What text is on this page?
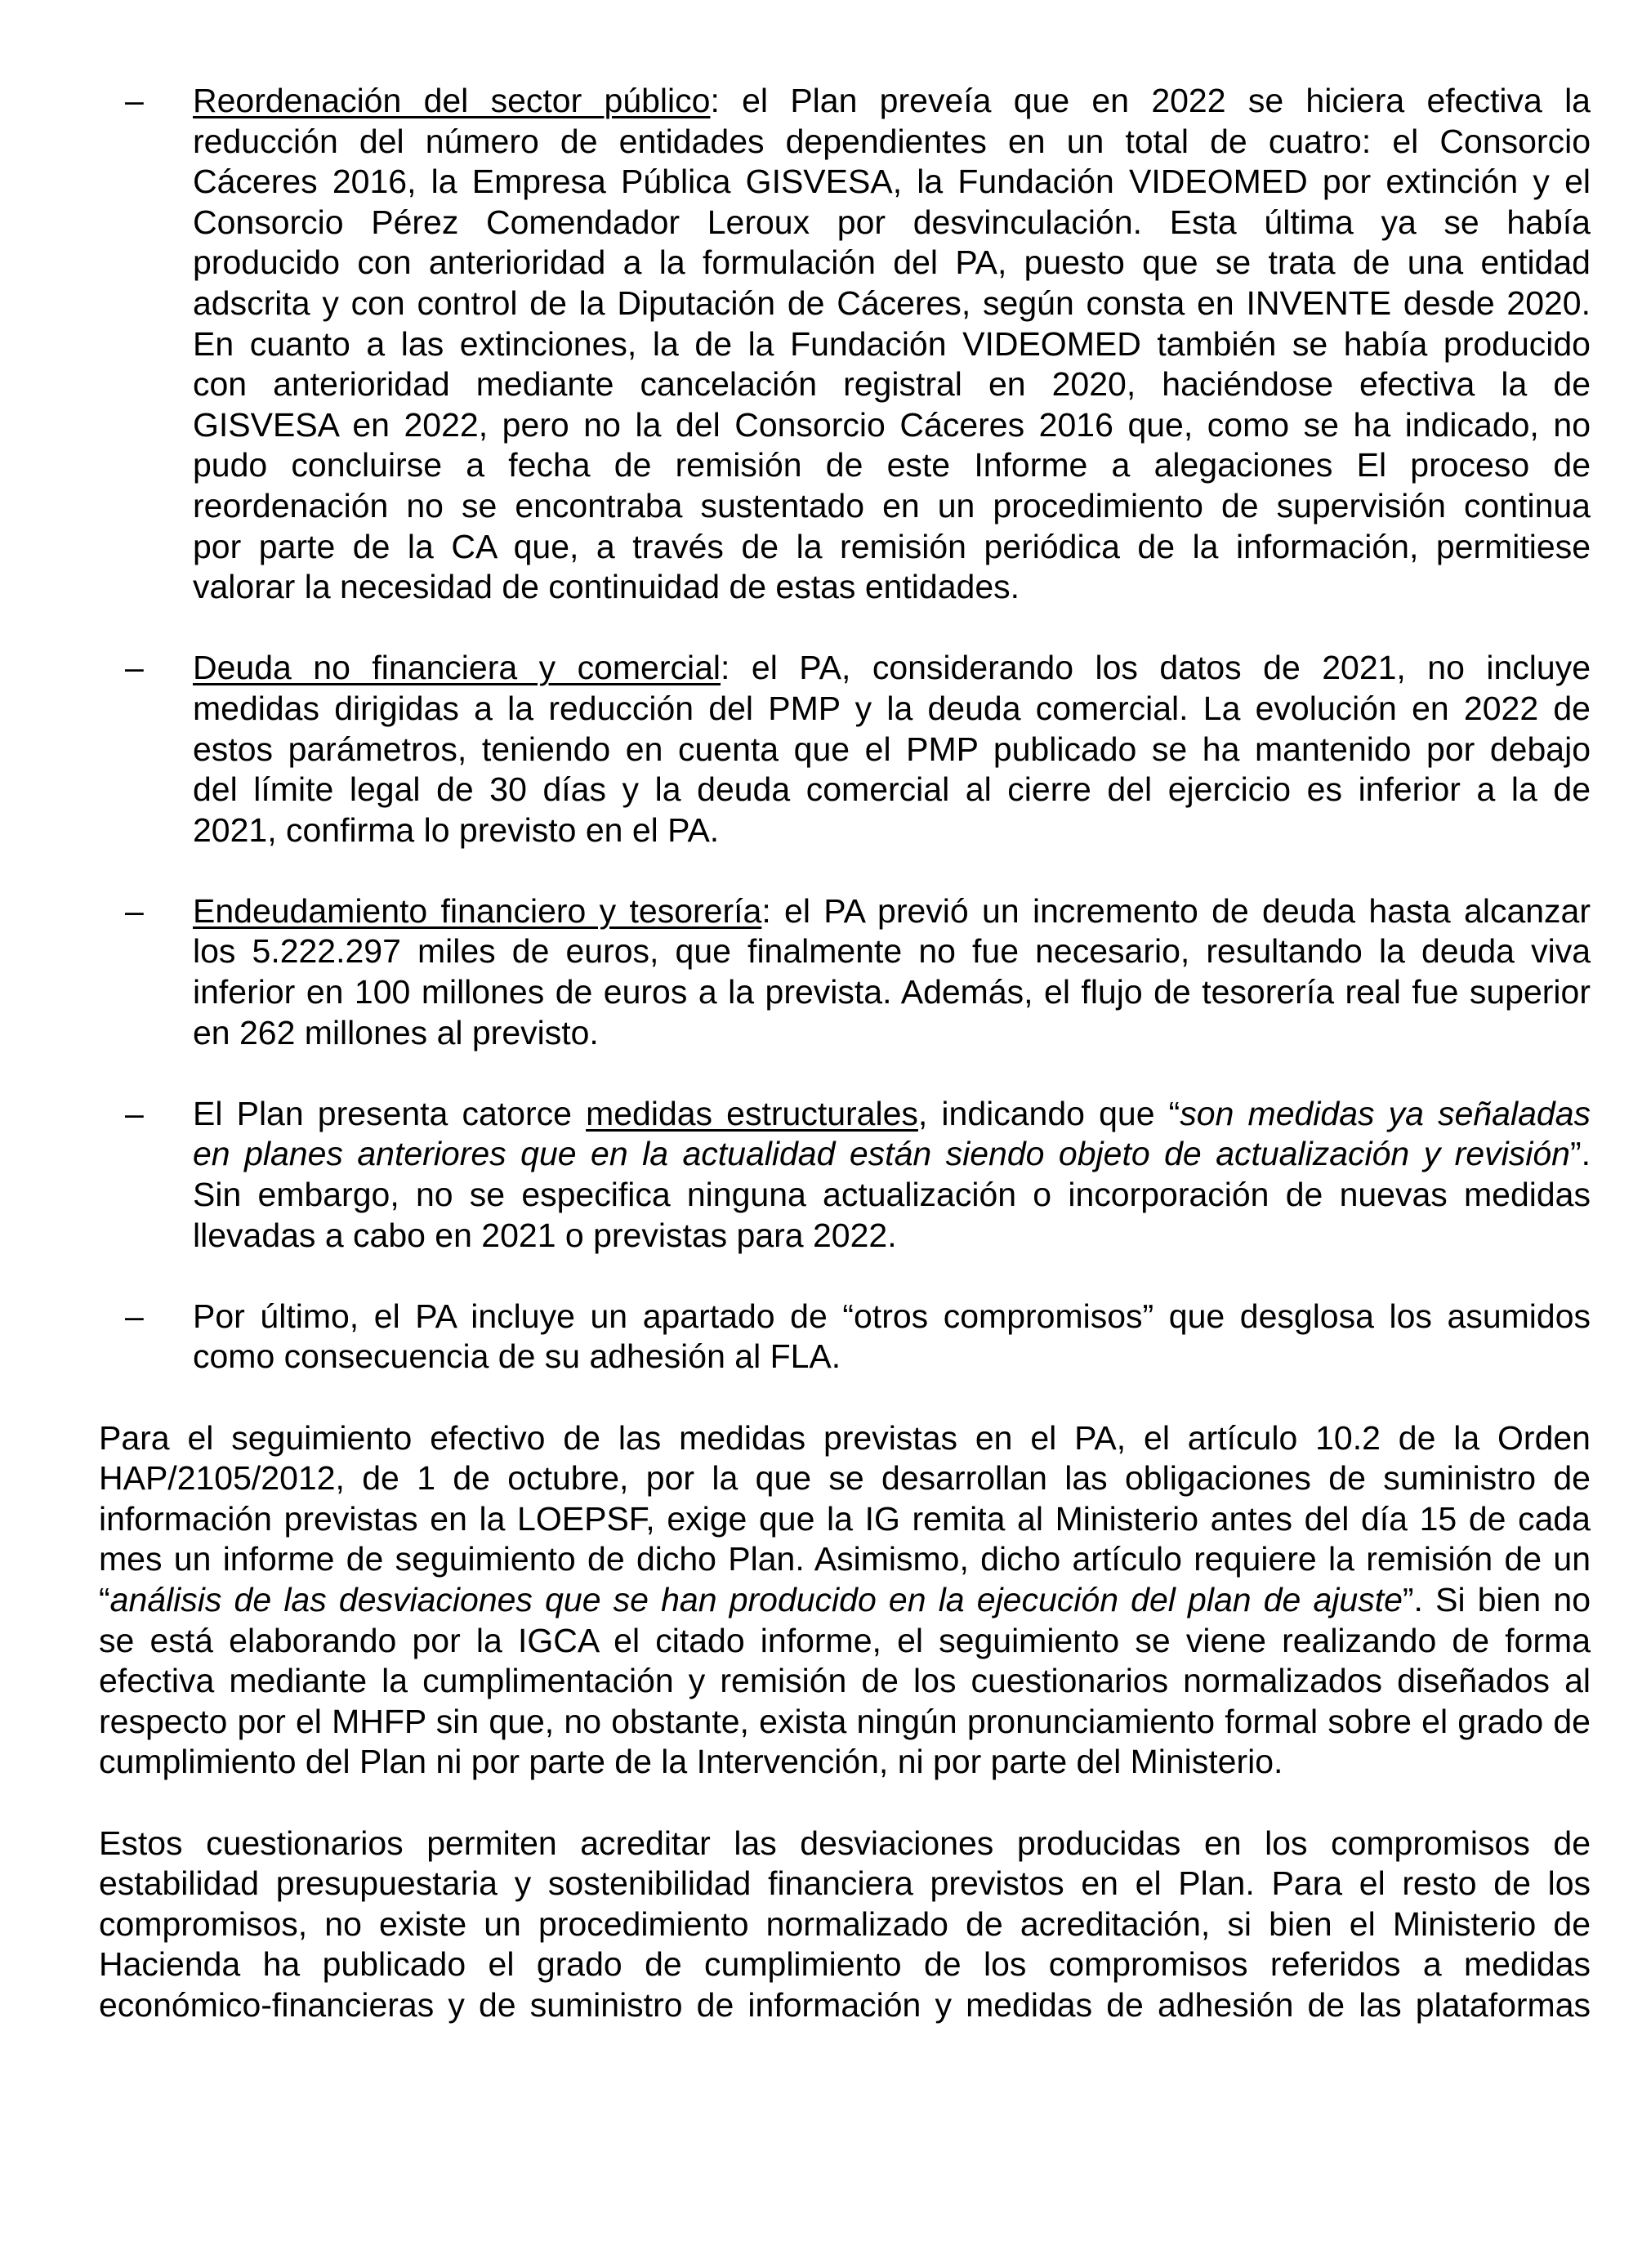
– Reordenación del sector público: el Plan preveía que en 2022 se hiciera efectiva la
reducción del número de entidades dependientes en un total de cuatro: el Consorcio
Cáceres 2016, la Empresa Pública GISVESA, la Fundación VIDEOMED por extinción y el
Consorcio Pérez Comendador Leroux por desvinculación. Esta última ya se había
producido con anterioridad a la formulación del PA, puesto que se trata de una entidad
adscrita y con control de la Diputación de Cáceres, según consta en INVENTE desde 2020.
En cuanto a las extinciones, la de la Fundación VIDEOMED también se había producido
con anterioridad mediante cancelación registral en 2020, haciéndose efectiva la de
GISVESA en 2022, pero no la del Consorcio Cáceres 2016 que, como se ha indicado, no
pudo concluirse a fecha de remisión de este Informe a alegaciones El proceso de
reordenación no se encontraba sustentado en un procedimiento de supervisión continua
por parte de la CA que, a través de la remisión periódica de la información, permitiese
valorar la necesidad de continuidad de estas entidades.
– Deuda no financiera y comercial: el PA, considerando los datos de 2021, no incluye
medidas dirigidas a la reducción del PMP y la deuda comercial. La evolución en 2022 de
estos parámetros, teniendo en cuenta que el PMP publicado se ha mantenido por debajo
del límite legal de 30 días y la deuda comercial al cierre del ejercicio es inferior a la de
2021, confirma lo previsto en el PA.
– Endeudamiento financiero y tesorería: el PA previó un incremento de deuda hasta alcanzar
los 5.222.297 miles de euros, que finalmente no fue necesario, resultando la deuda viva
inferior en 100 millones de euros a la prevista. Además, el flujo de tesorería real fue superior
en 262 millones al previsto.
– El Plan presenta catorce medidas estructurales, indicando que “son medidas ya señaladas
en planes anteriores que en la actualidad están siendo objeto de actualización y revisión”.
Sin embargo, no se especifica ninguna actualización o incorporación de nuevas medidas
llevadas a cabo en 2021 o previstas para 2022.
– Por último, el PA incluye un apartado de “otros compromisos” que desglosa los asumidos
como consecuencia de su adhesión al FLA.
Para el seguimiento efectivo de las medidas previstas en el PA, el artículo 10.2 de la Orden
HAP/2105/2012, de 1 de octubre, por la que se desarrollan las obligaciones de suministro de
información previstas en la LOEPSF, exige que la IG remita al Ministerio antes del día 15 de cada
mes un informe de seguimiento de dicho Plan. Asimismo, dicho artículo requiere la remisión de un
“análisis de las desviaciones que se han producido en la ejecución del plan de ajuste”. Si bien no
se está elaborando por la IGCA el citado informe, el seguimiento se viene realizando de forma
efectiva mediante la cumplimentación y remisión de los cuestionarios normalizados diseñados al
respecto por el MHFP sin que, no obstante, exista ningún pronunciamiento formal sobre el grado de
cumplimiento del Plan ni por parte de la Intervención, ni por parte del Ministerio.
Estos cuestionarios permiten acreditar las desviaciones producidas en los compromisos de
estabilidad presupuestaria y sostenibilidad financiera previstos en el Plan. Para el resto de los
compromisos, no existe un procedimiento normalizado de acreditación, si bien el Ministerio de
Hacienda ha publicado el grado de cumplimiento de los compromisos referidos a medidas
económico-financieras y de suministro de información y medidas de adhesión de las plataformas
